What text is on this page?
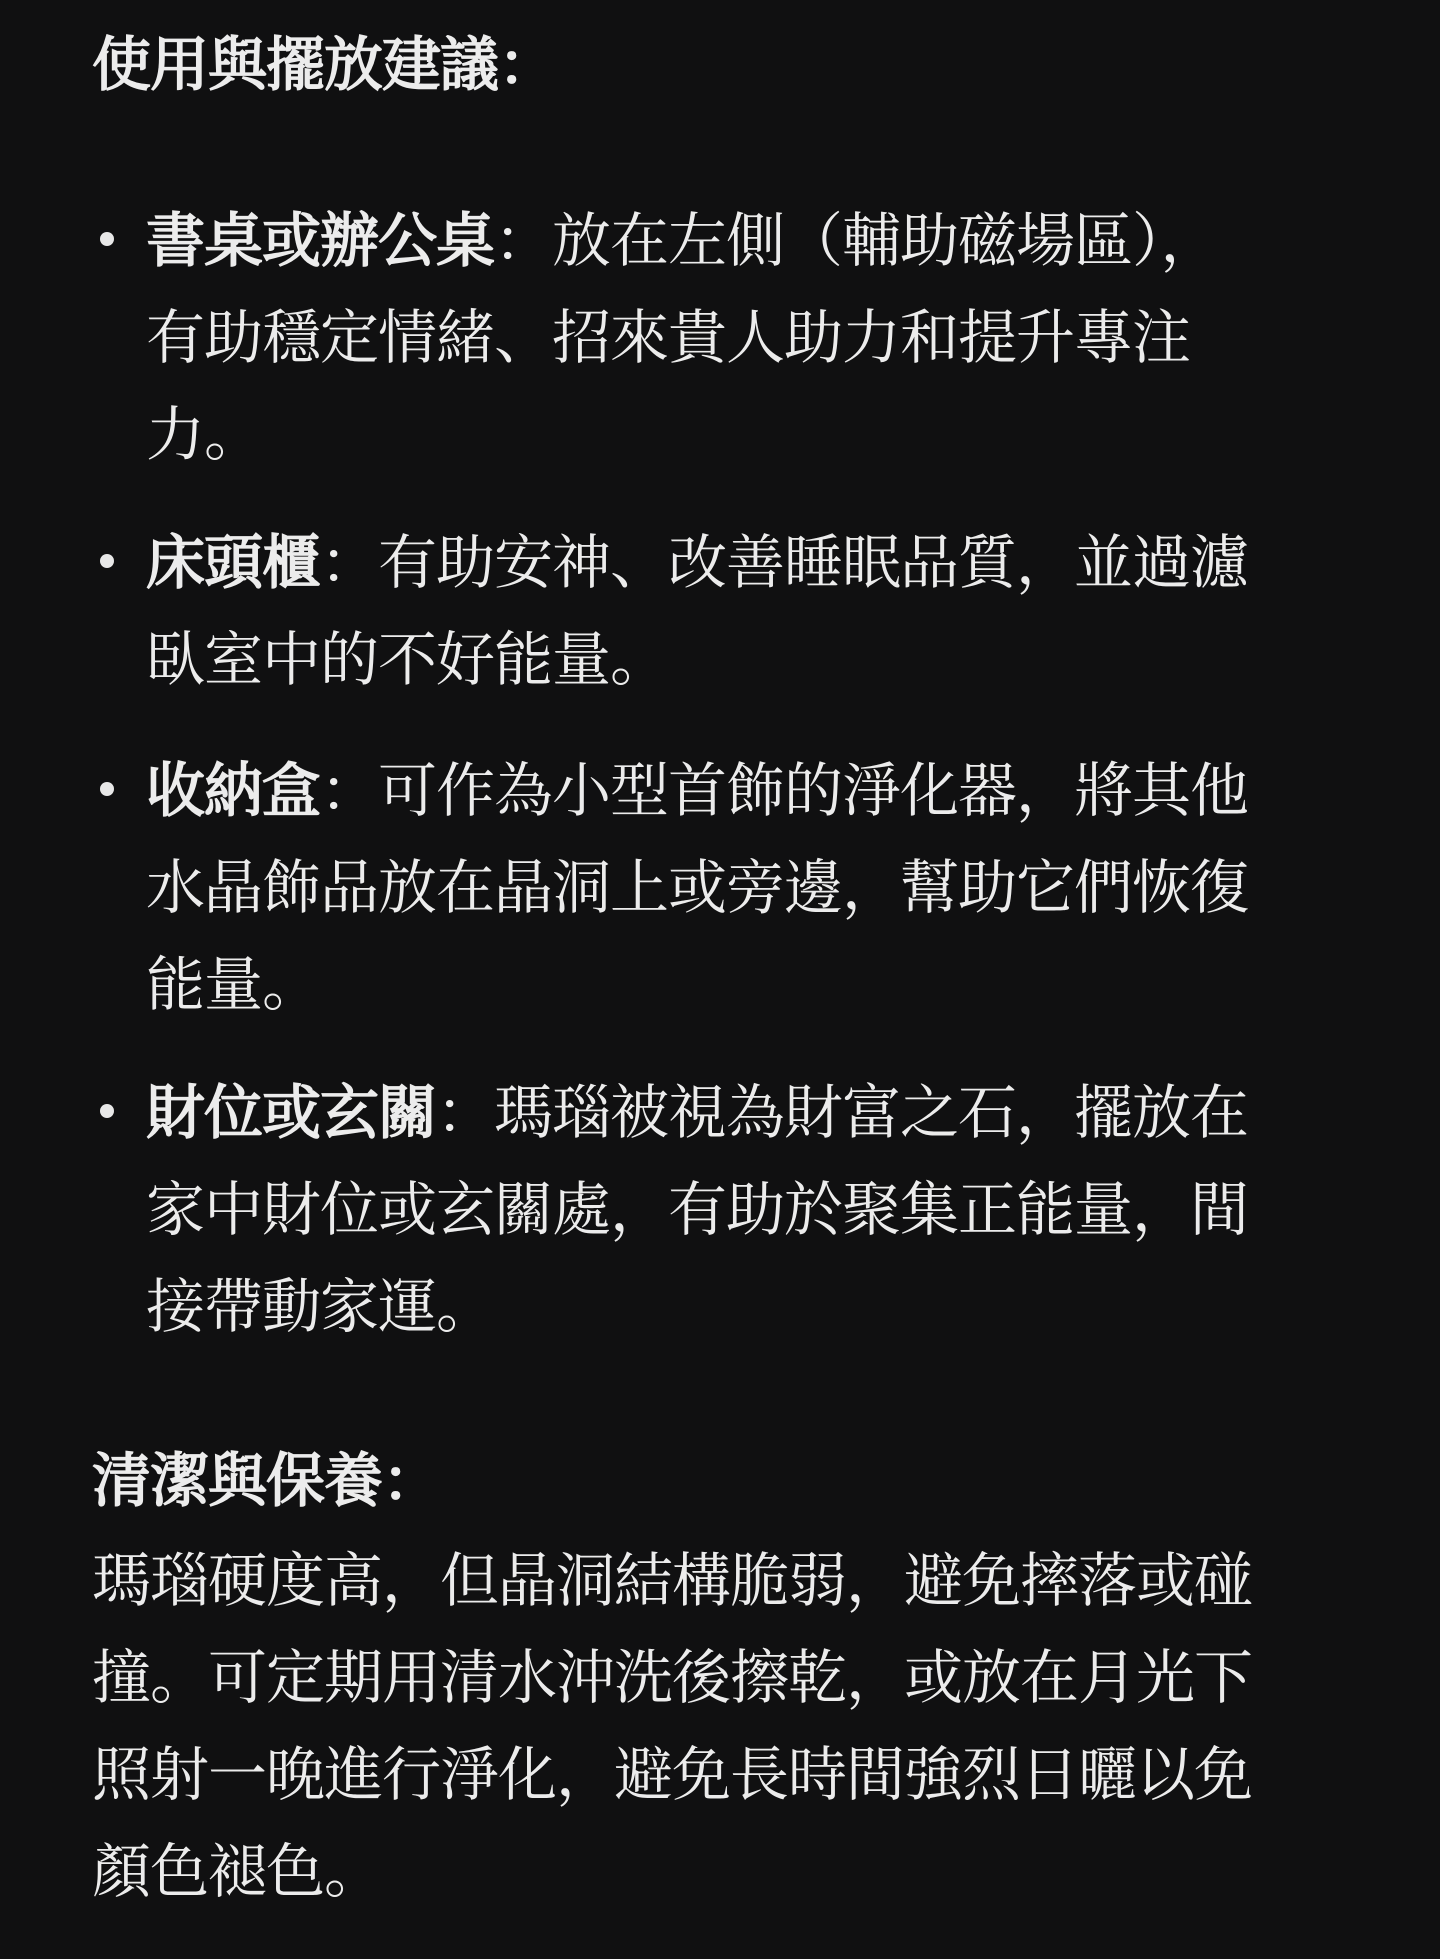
使用與擺放建議：
書桌或辦公桌：放在左側（輔助磁場區），
有助穩定情緒、招來貴人助力和提升專注
力。
床頭櫃：有助安神、改善睡眠品質，並過濾
臥室中的不好能量。
收納盒：可作為小型首飾的淨化器，將其他
水晶飾品放在晶洞上或旁邊，幫助它們恢復
能量。
財位或玄關：瑪瑙被視為財富之石，擺放在
家中財位或玄關處，有助於聚集正能量，間
接帶動家運。
清潔與保養：
瑪瑙硬度高，但晶洞結構脆弱，避免摔落或碰
撞。可定期用清水沖洗後擦乾，或放在月光下
照射一晚進行淨化，避免長時間強烈日曬以免
顏色褪色。
